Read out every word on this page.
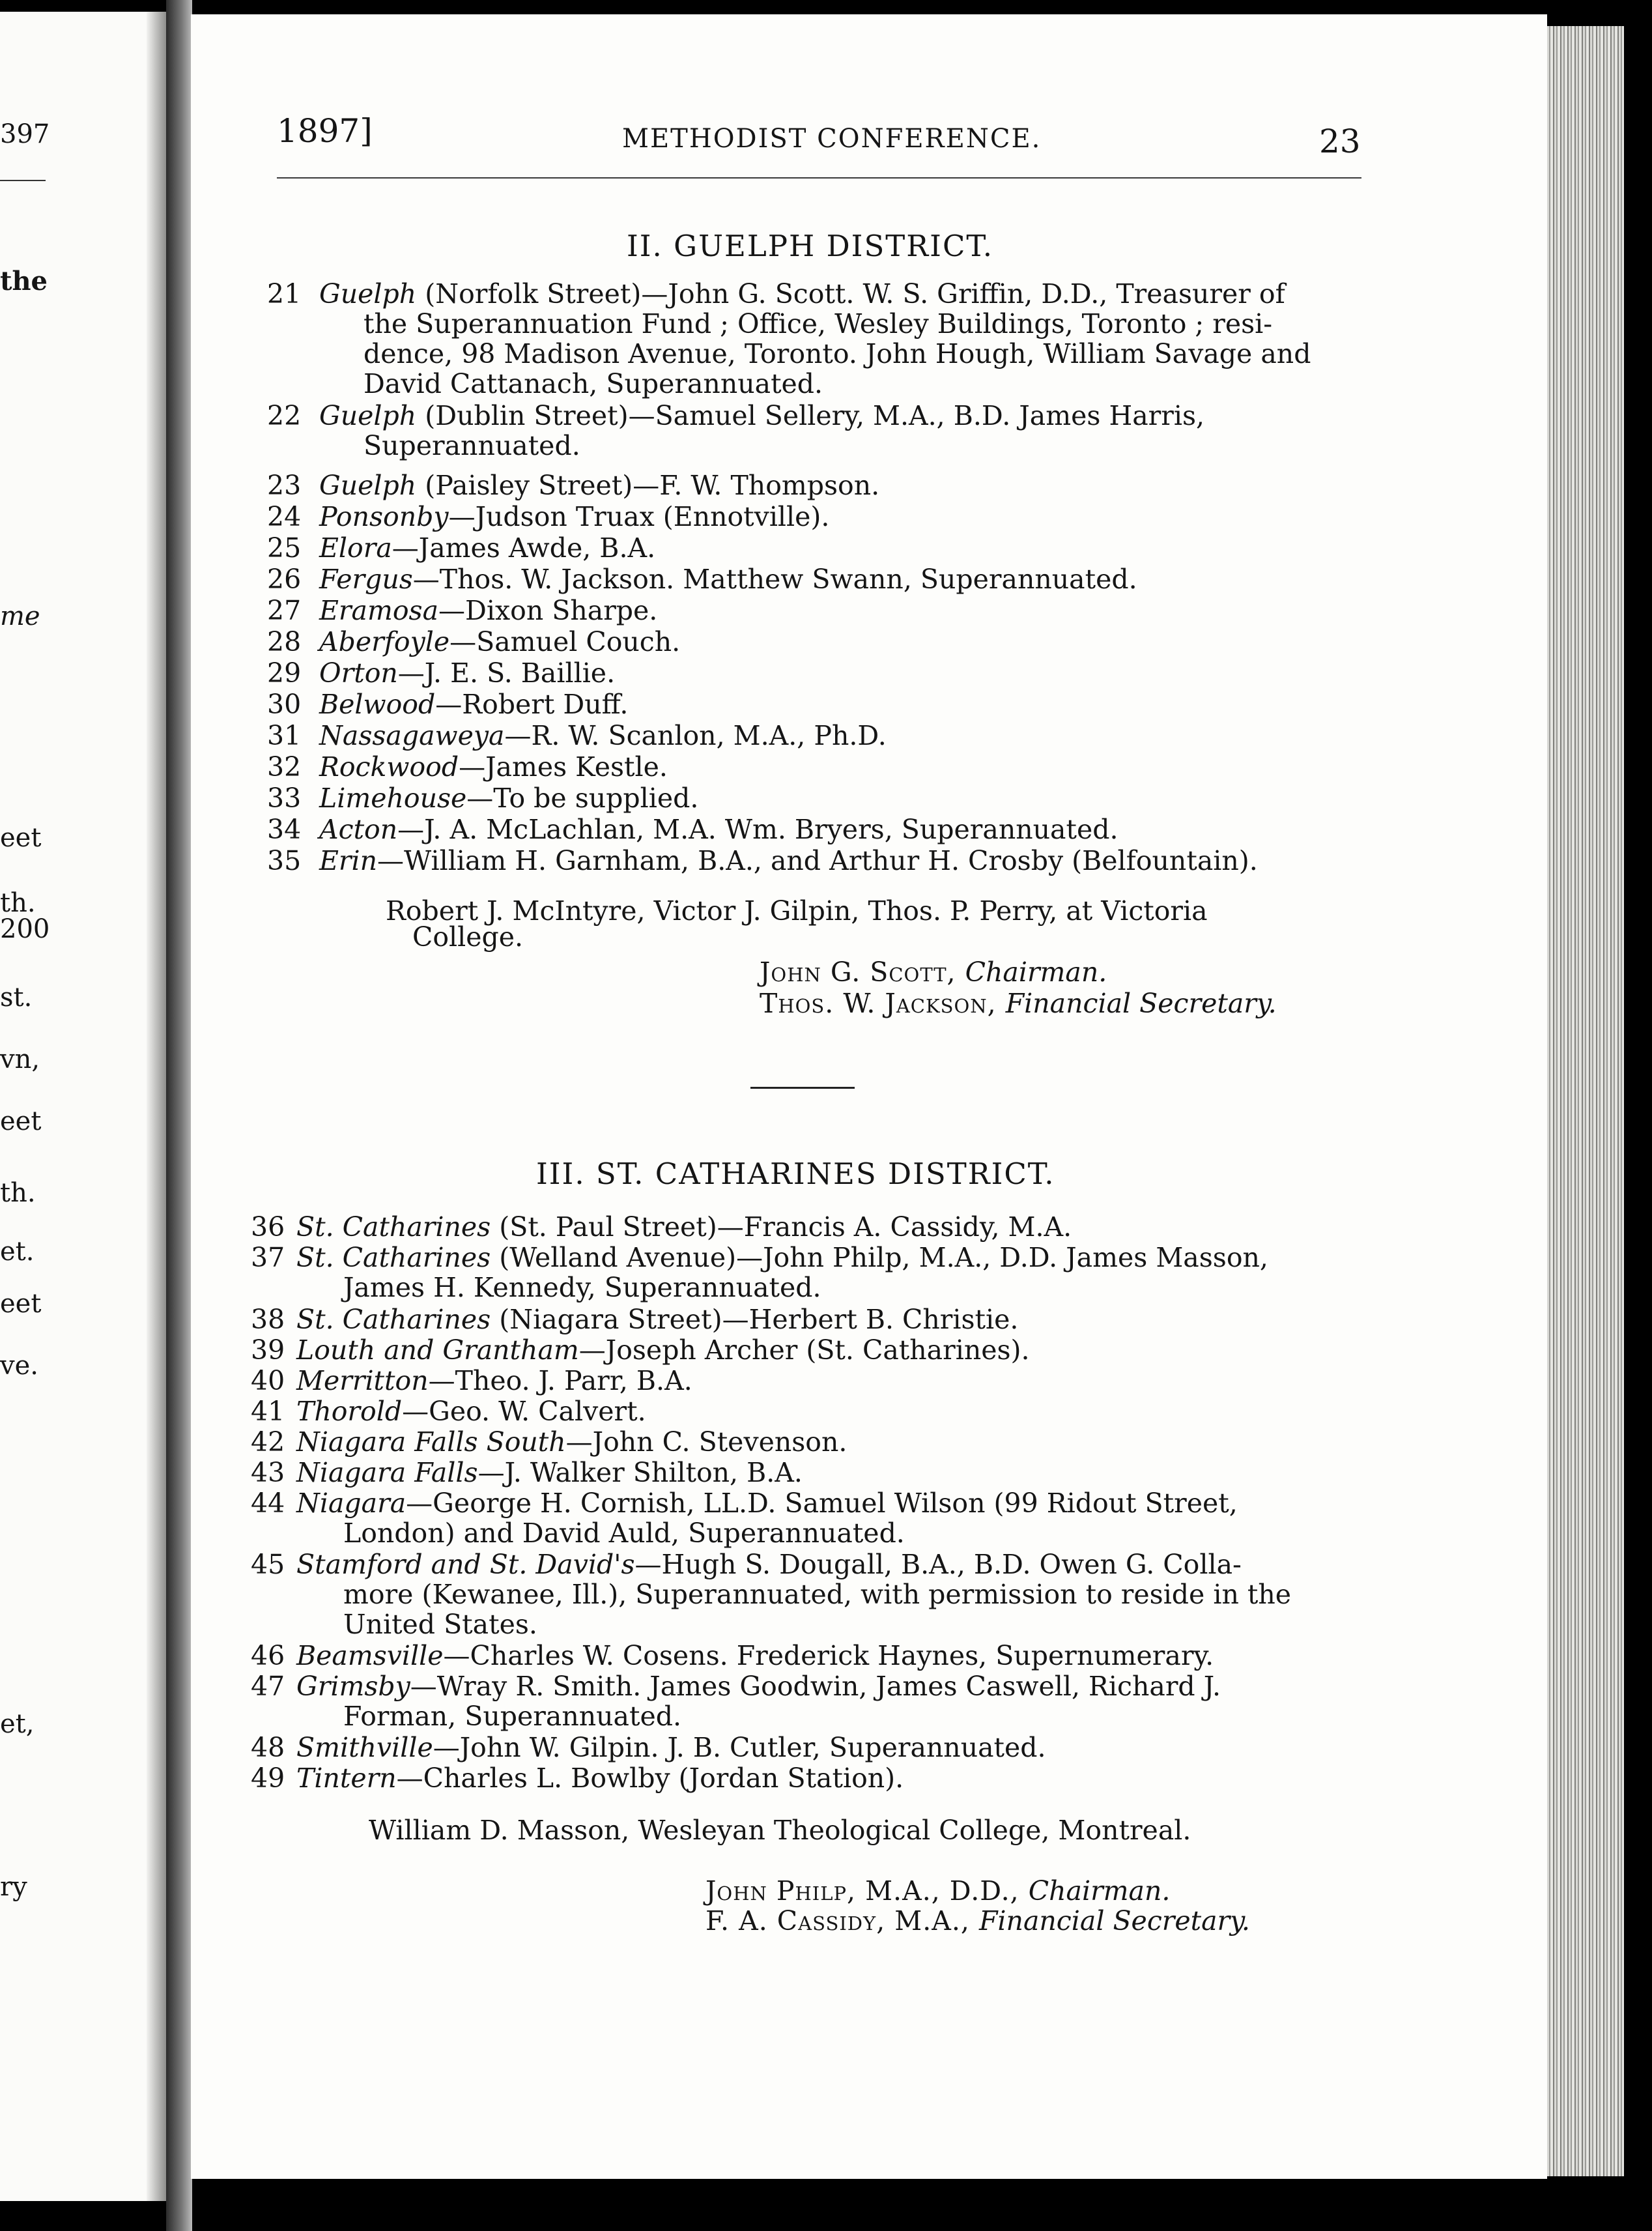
397
the
me
eet
th.
200
st.
vn,
eet
th.
et.
eet
ve.
et,
ry
1897]	METHODIST CONFERENCE.	23
II. GUELPH DISTRICT.
21 Guelph (Norfolk Street)—John G. Scott. W. S. Griffin, D.D., Treasurer of
the Superannuation Fund ; Office, Wesley Buildings, Toronto ; resi-
dence, 98 Madison Avenue, Toronto. John Hough, William Savage and
David Cattanach, Superannuated.
22 Guelph (Dublin Street)—Samuel Sellery, M.A., B.D. James Harris,
Superannuated.
23 Guelph (Paisley Street)—F. W. Thompson.
24 Ponsonby—Judson Truax (Ennotville).
25 Elora—James Awde, B.A.
26 Fergus—Thos. W. Jackson. Matthew Swann, Superannuated.
27 Eramosa—Dixon Sharpe.
28 Aberfoyle—Samuel Couch.
29 Orton—J. E. S. Baillie.
30 Belwood—Robert Duff.
31 Nassagaweya—R. W. Scanlon, M.A., Ph.D.
32 Rockwood—James Kestle.
33 Limehouse—To be supplied.
34 Acton—J. A. McLachlan, M.A. Wm. Bryers, Superannuated.
35 Erin—William H. Garnham, B.A., and Arthur H. Crosby (Belfountain).
Robert J. McIntyre, Victor J. Gilpin, Thos. P. Perry, at Victoria
College.
John G. Scott, Chairman.
Thos. W. Jackson, Financial Secretary.
III. ST. CATHARINES DISTRICT.
36 St. Catharines (St. Paul Street)—Francis A. Cassidy, M.A.
37 St. Catharines (Welland Avenue)—John Philp, M.A., D.D. James Masson,
James H. Kennedy, Superannuated.
38 St. Catharines (Niagara Street)—Herbert B. Christie.
39 Louth and Grantham—Joseph Archer (St. Catharines).
40 Merritton—Theo. J. Parr, B.A.
41 Thorold—Geo. W. Calvert.
42 Niagara Falls South—John C. Stevenson.
43 Niagara Falls—J. Walker Shilton, B.A.
44 Niagara—George H. Cornish, LL.D. Samuel Wilson (99 Ridout Street,
London) and David Auld, Superannuated.
45 Stamford and St. David's—Hugh S. Dougall, B.A., B.D. Owen G. Colla-
more (Kewanee, Ill.), Superannuated, with permission to reside in the
United States.
46 Beamsville—Charles W. Cosens. Frederick Haynes, Supernumerary.
47 Grimsby—Wray R. Smith. James Goodwin, James Caswell, Richard J.
Forman, Superannuated.
48 Smithville—John W. Gilpin. J. B. Cutler, Superannuated.
49 Tintern—Charles L. Bowlby (Jordan Station).
William D. Masson, Wesleyan Theological College, Montreal.
John Philp, M.A., D.D., Chairman.
F. A. Cassidy, M.A., Financial Secretary.
